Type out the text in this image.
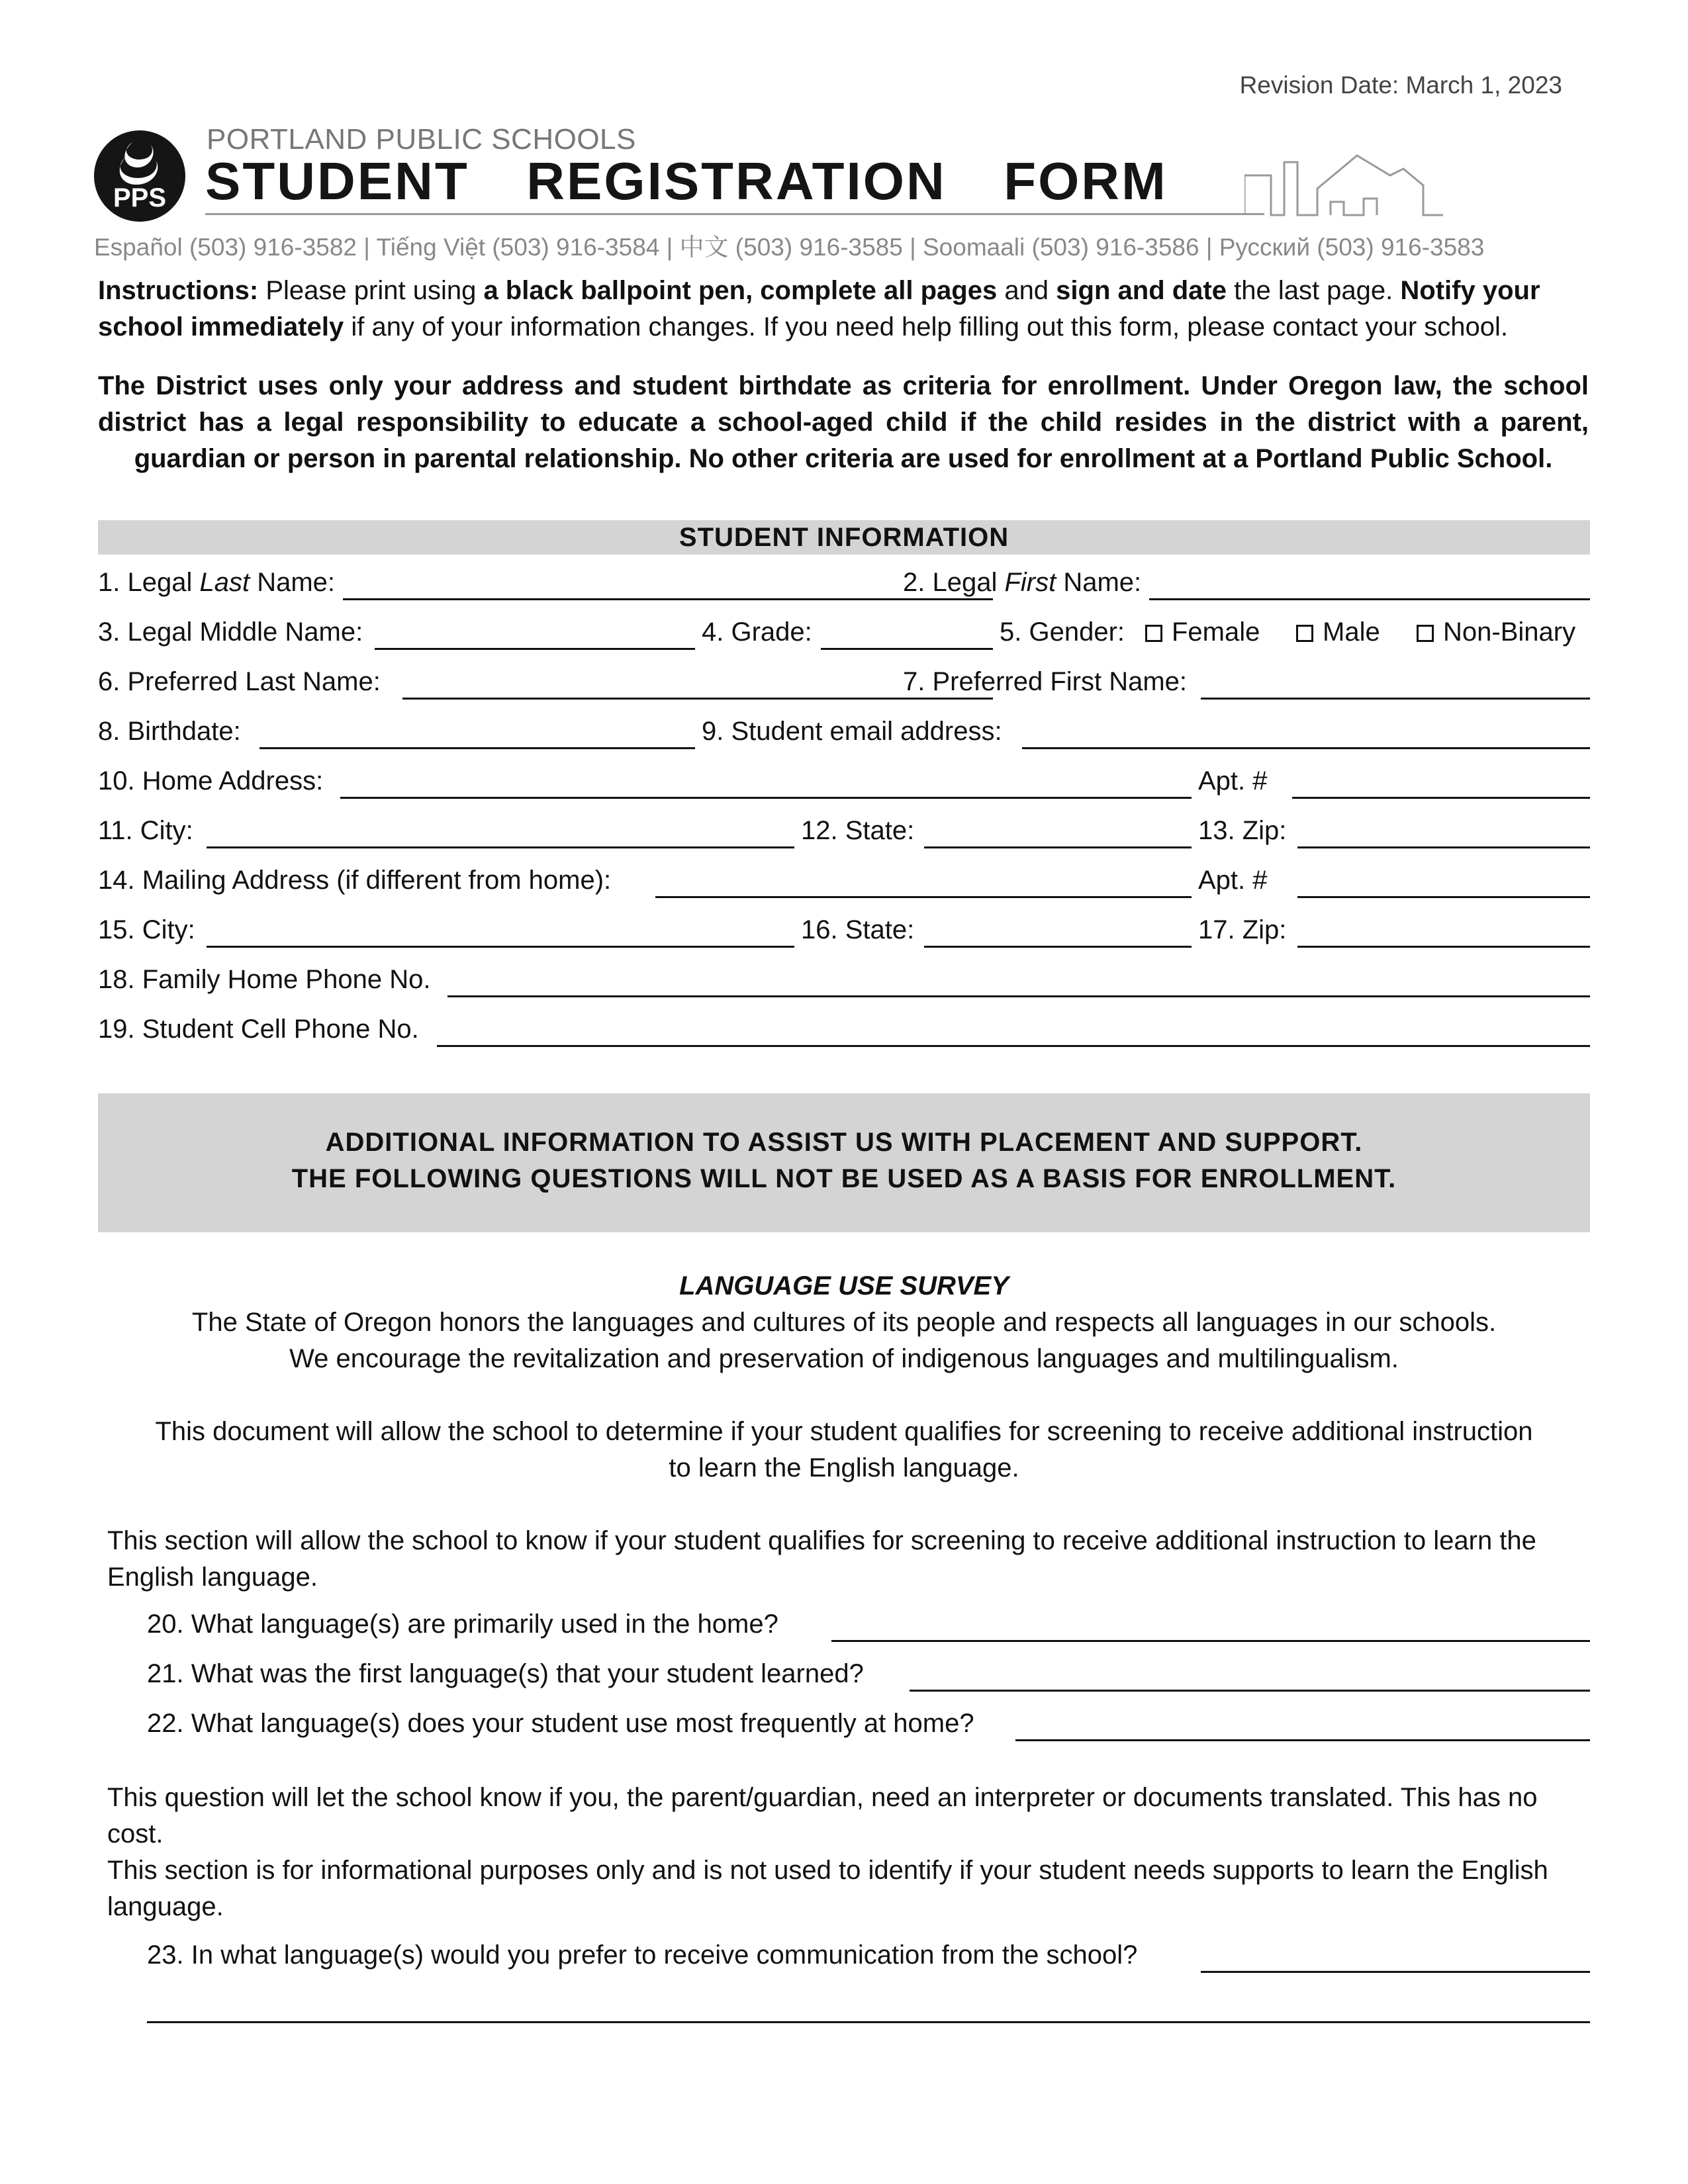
Revision Date: March 1, 2023
PPS
PORTLAND PUBLIC SCHOOLS
STUDENT  REGISTRATION  FORM
Español (503) 916-3582 | Tiếng Việt (503) 916-3584 | 中文 (503) 916-3585 | Soomaali (503) 916-3586 | Русский (503) 916-3583
Instructions: Please print using a black ballpoint pen, complete all pages and sign and date the last page. Notify your school immediately if any of your information changes. If you need help filling out this form, please contact your school.
The District uses only your address and student birthdate as criteria for enrollment. Under Oregon law, the school district has a legal responsibility to educate a school-aged child if the child resides in the district with a parent, guardian or person in parental relationship. No other criteria are used for enrollment at a Portland Public School.
STUDENT INFORMATION
1. Legal Last Name:	2. Legal First Name:
3. Legal Middle Name:	4. Grade:	5. Gender:	Female	Male	Non-Binary
6. Preferred Last Name:	7. Preferred First Name:
8. Birthdate:	9. Student email address:
10. Home Address:	Apt. #
11. City:	12. State:	13. Zip:
14. Mailing Address (if different from home):	Apt. #
15. City:	16. State:	17. Zip:
18. Family Home Phone No.
19. Student Cell Phone No.
ADDITIONAL INFORMATION TO ASSIST US WITH PLACEMENT AND SUPPORT.
THE FOLLOWING QUESTIONS WILL NOT BE USED AS A BASIS FOR ENROLLMENT.
LANGUAGE USE SURVEY
The State of Oregon honors the languages and cultures of its people and respects all languages in our schools.
We encourage the revitalization and preservation of indigenous languages and multilingualism.
This document will allow the school to determine if your student qualifies for screening to receive additional instruction
to learn the English language.
This section will allow the school to know if your student qualifies for screening to receive additional instruction to learn the English language.
20. What language(s) are primarily used in the home?
21. What was the first language(s) that your student learned?
22. What language(s) does your student use most frequently at home?
This question will let the school know if you, the parent/guardian, need an interpreter or documents translated. This has no cost.
This section is for informational purposes only and is not used to identify if your student needs supports to learn the English language.
23. In what language(s) would you prefer to receive communication from the school?
